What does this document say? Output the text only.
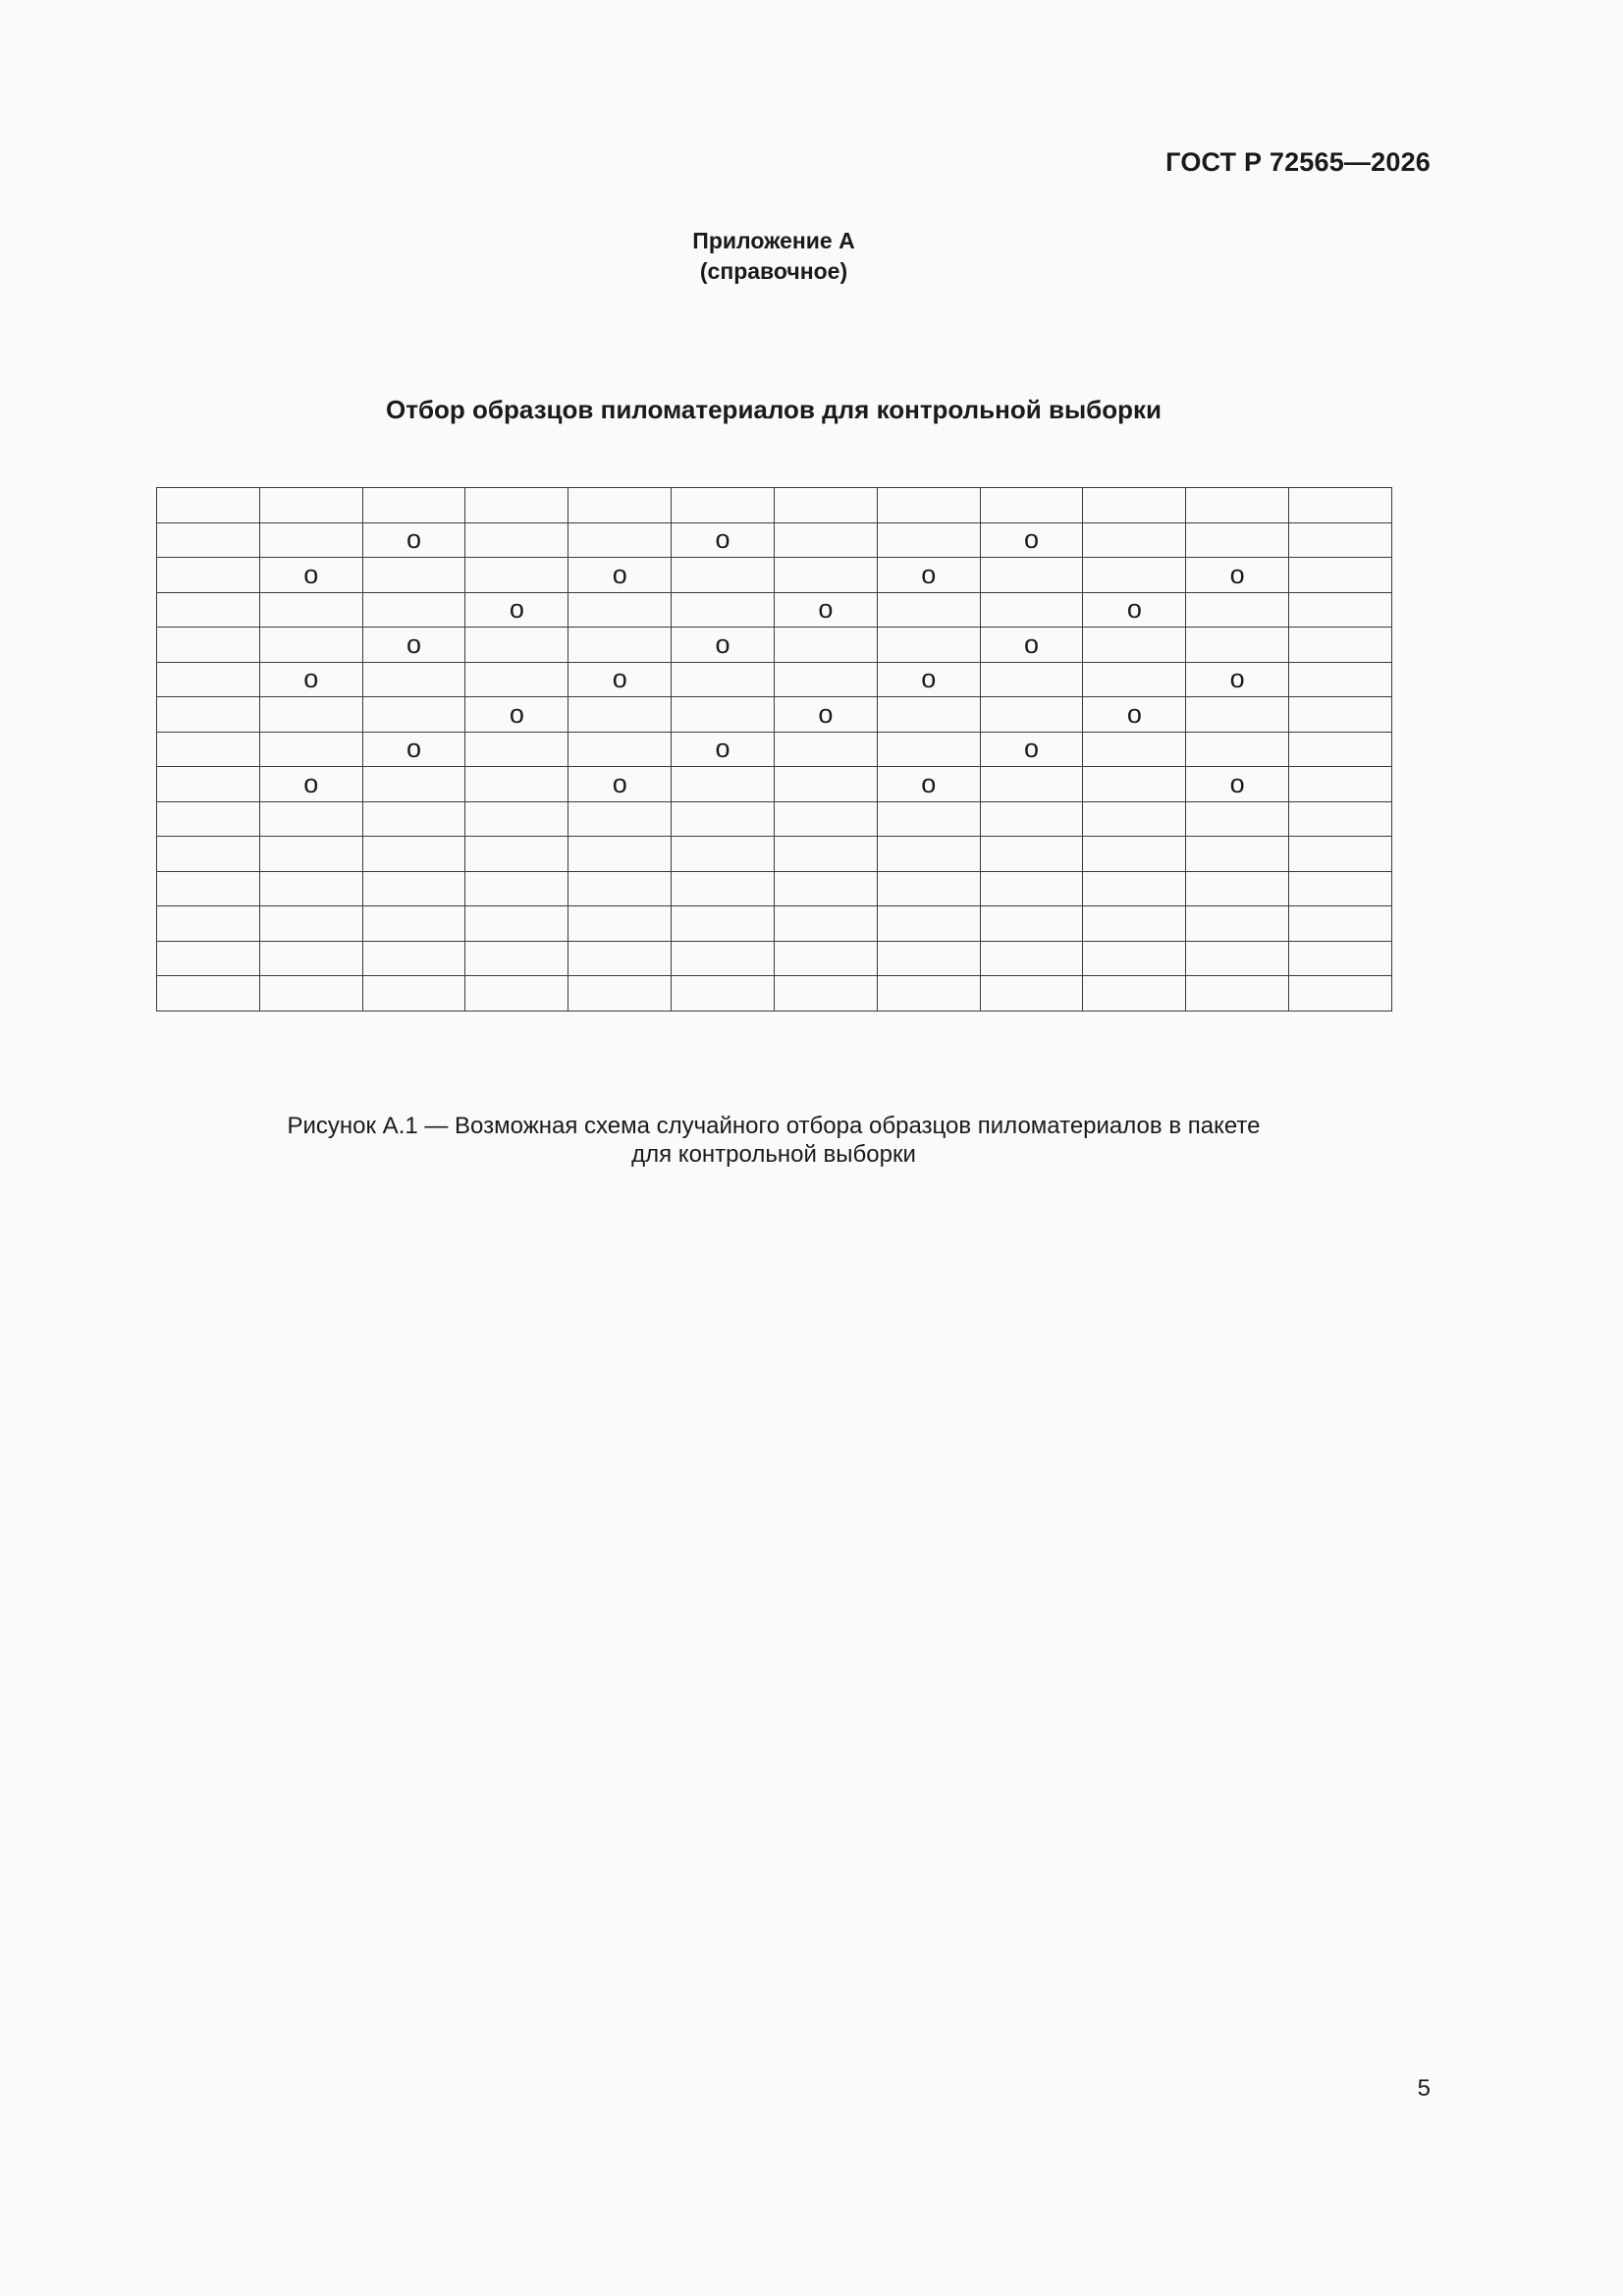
ГОСТ Р 72565—2026
Приложение А
(справочное)
Отбор образцов пиломатериалов для контрольной выборки

		о			о			о			
	о			о			о			о	
			о			о			о		
		о			о			о			
	о			о			о			о	
			о			о			о		
		о			о			о			
	о			о			о			о	

Рисунок А.1 — Возможная схема случайного отбора образцов пиломатериалов в пакете
для контрольной выборки
5
